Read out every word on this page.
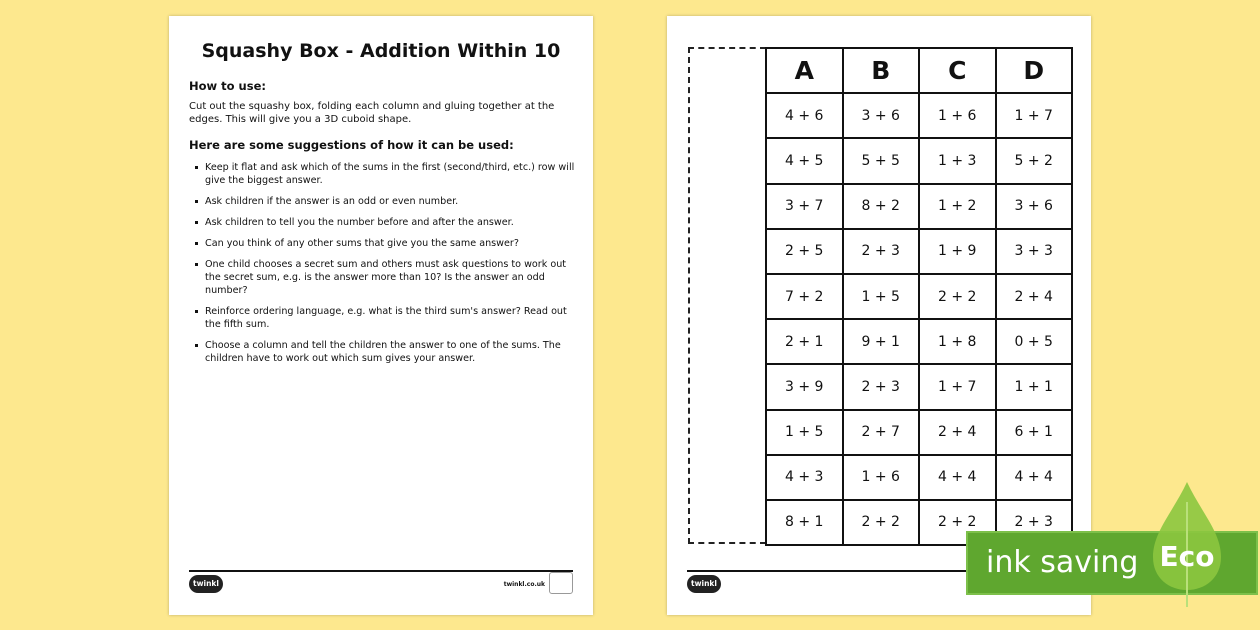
Squashy Box - Addition Within 10
How to use:
Cut out the squashy box, folding each column and gluing together at the edges. This will give you a 3D cuboid shape.
Here are some suggestions of how it can be used:
Keep it flat and ask which of the sums in the first (second/third, etc.) row will give the biggest answer.
Ask children if the answer is an odd or even number.
Ask children to tell you the number before and after the answer.
Can you think of any other sums that give you the same answer?
One child chooses a secret sum and others must ask questions to work out the secret sum, e.g. is the answer more than 10? Is the answer an odd number?
Reinforce ordering language, e.g. what is the third sum's answer? Read out the fifth sum.
Choose a column and tell the children the answer to one of the sums. The children have to work out which sum gives your answer.
twinkl	twinkl.co.uk
A	B	C	D
4 + 6	3 + 6	1 + 6	1 + 7
4 + 5	5 + 5	1 + 3	5 + 2
3 + 7	8 + 2	1 + 2	3 + 6
2 + 5	2 + 3	1 + 9	3 + 3
7 + 2	1 + 5	2 + 2	2 + 4
2 + 1	9 + 1	1 + 8	0 + 5
3 + 9	2 + 3	1 + 7	1 + 1
1 + 5	2 + 7	2 + 4	6 + 1
4 + 3	1 + 6	4 + 4	4 + 4
8 + 1	2 + 2	2 + 2	2 + 3
twinkl
ink saving Eco
